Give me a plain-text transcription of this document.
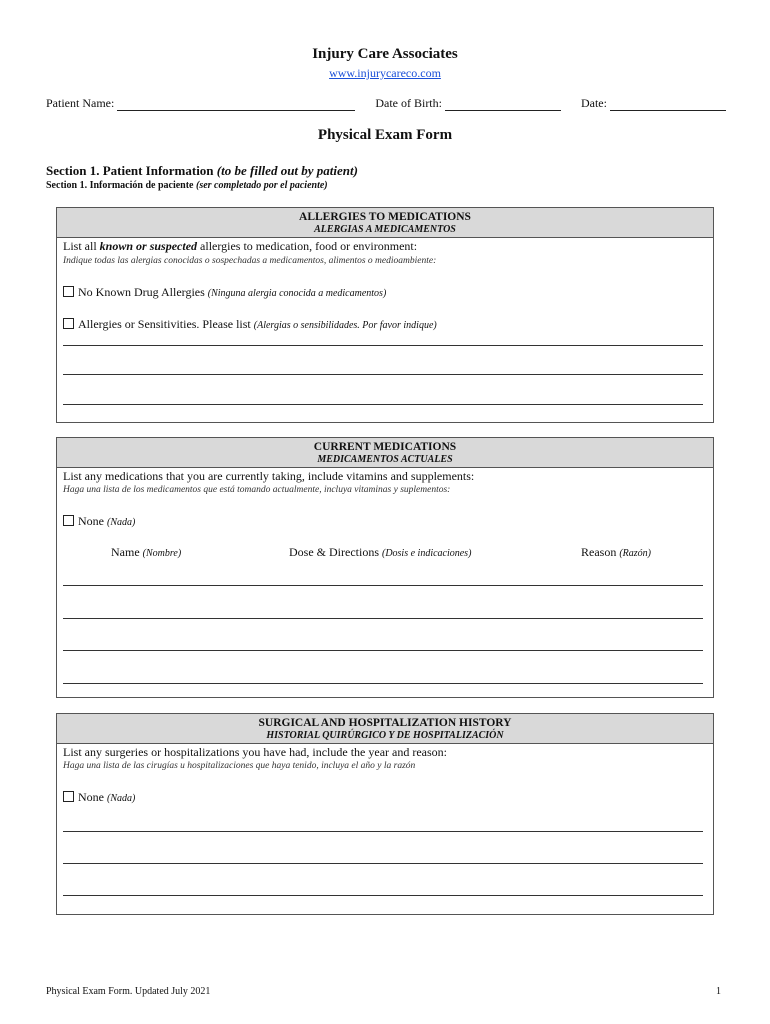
Injury Care Associates
www.injurycareco.com
Patient Name:	Date of Birth:	Date:
Physical Exam Form
Section 1. Patient Information (to be filled out by patient)
Section 1. Información de paciente (ser completado por el paciente)
ALLERGIES TO MEDICATIONS
ALERGIAS A MEDICAMENTOS
List all known or suspected allergies to medication, food or environment:
Indique todas las alergias conocidas o sospechadas a medicamentos, alimentos o medioambiente:
No Known Drug Allergies (Ninguna alergia conocida a medicamentos)
Allergies or Sensitivities. Please list (Alergias o sensibilidades. Por favor indique)
CURRENT MEDICATIONS
MEDICAMENTOS ACTUALES
List any medications that you are currently taking, include vitamins and supplements:
Haga una lista de los medicamentos que está tomando actualmente, incluya vitaminas y suplementos:
None (Nada)
Name (Nombre)	Dose & Directions (Dosis e indicaciones)	Reason (Razón)
SURGICAL AND HOSPITALIZATION HISTORY
HISTORIAL QUIRÚRGICO Y DE HOSPITALIZACIÓN
List any surgeries or hospitalizations you have had, include the year and reason:
Haga una lista de las cirugías u hospitalizaciones que haya tenido, incluya el año y la razón
None (Nada)
Physical Exam Form. Updated July 2021	1
